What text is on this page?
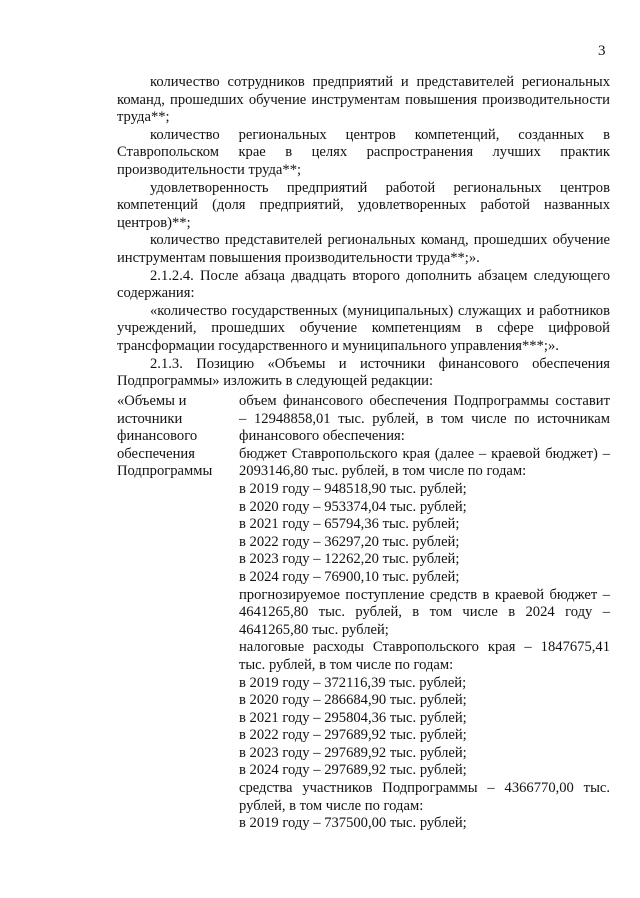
3

количество сотрудников предприятий и представителей региональных команд, прошедших обучение инструментам повышения производительности труда**;

количество региональных центров компетенций, созданных в Ставропольском крае в целях распространения лучших практик производительности труда**;

удовлетворенность предприятий работой региональных центров компетенций (доля предприятий, удовлетворенных работой названных центров)**;

количество представителей региональных команд, прошедших обучение инструментам повышения производительности труда**;».

2.1.2.4. После абзаца двадцать второго дополнить абзацем следующего содержания:

«количество государственных (муниципальных) служащих и работников учреждений, прошедших обучение компетенциям в сфере цифровой трансформации государственного и муниципального управления***;».

2.1.3. Позицию «Объемы и источники финансового обеспечения Подпрограммы» изложить в следующей редакции:

«Объемы и
источники
финансового
обеспечения
Подпрограммы

объем финансового обеспечения Подпрограммы составит – 12948858,01 тыс. рублей, в том числе по источникам финансового обеспечения:

бюджет Ставропольского края (далее – краевой бюджет) – 2093146,80 тыс. рублей, в том числе по годам:

в 2019 году – 948518,90 тыс. рублей;

в 2020 году – 953374,04 тыс. рублей;

в 2021 году – 65794,36 тыс. рублей;

в 2022 году – 36297,20 тыс. рублей;

в 2023 году – 12262,20 тыс. рублей;

в 2024 году – 76900,10 тыс. рублей;

прогнозируемое поступление средств в краевой бюджет – 4641265,80 тыс. рублей, в том числе в 2024 году – 4641265,80 тыс. рублей;

налоговые расходы Ставропольского края – 1847675,41 тыс. рублей, в том числе по годам:

в 2019 году – 372116,39 тыс. рублей;

в 2020 году – 286684,90 тыс. рублей;

в 2021 году – 295804,36 тыс. рублей;

в 2022 году – 297689,92 тыс. рублей;

в 2023 году – 297689,92 тыс. рублей;

в 2024 году – 297689,92 тыс. рублей;

средства участников Подпрограммы – 4366770,00 тыс. рублей, в том числе по годам:

в 2019 году – 737500,00 тыс. рублей;
